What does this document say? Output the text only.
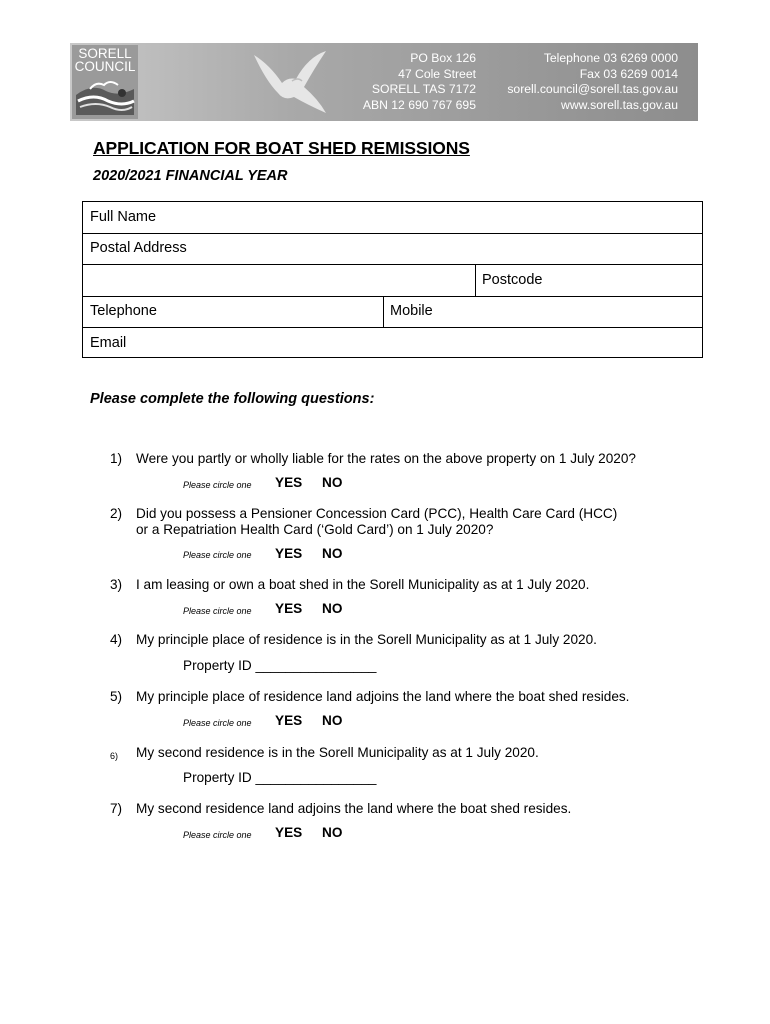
SORELL
COUNCIL
PO Box 126
47 Cole Street
SORELL TAS 7172
ABN 12 690 767 695
Telephone 03 6269 0000
Fax 03 6269 0014
sorell.council@sorell.tas.gov.au
www.sorell.tas.gov.au
APPLICATION FOR BOAT SHED REMISSIONS
2020/2021 FINANCIAL YEAR
Full Name
Postal Address
Postcode
Telephone	Mobile
Email
Please complete the following questions:
1)	Were you partly or wholly liable for the rates on the above property on 1 July 2020?
Please circle one YES NO
2)	Did you possess a Pensioner Concession Card (PCC), Health Care Card (HCC)
or a Repatriation Health Card (‘Gold Card’) on 1 July 2020?
Please circle one YES NO
3)	I am leasing or own a boat shed in the Sorell Municipality as at 1 July 2020.
Please circle one YES NO
4)	My principle place of residence is in the Sorell Municipality as at 1 July 2020.
Property ID ________________
5)	My principle place of residence land adjoins the land where the boat shed resides.
Please circle one YES NO
6)	My second residence is in the Sorell Municipality as at 1 July 2020.
Property ID ________________
7)	My second residence land adjoins the land where the boat shed resides.
Please circle one YES NO
